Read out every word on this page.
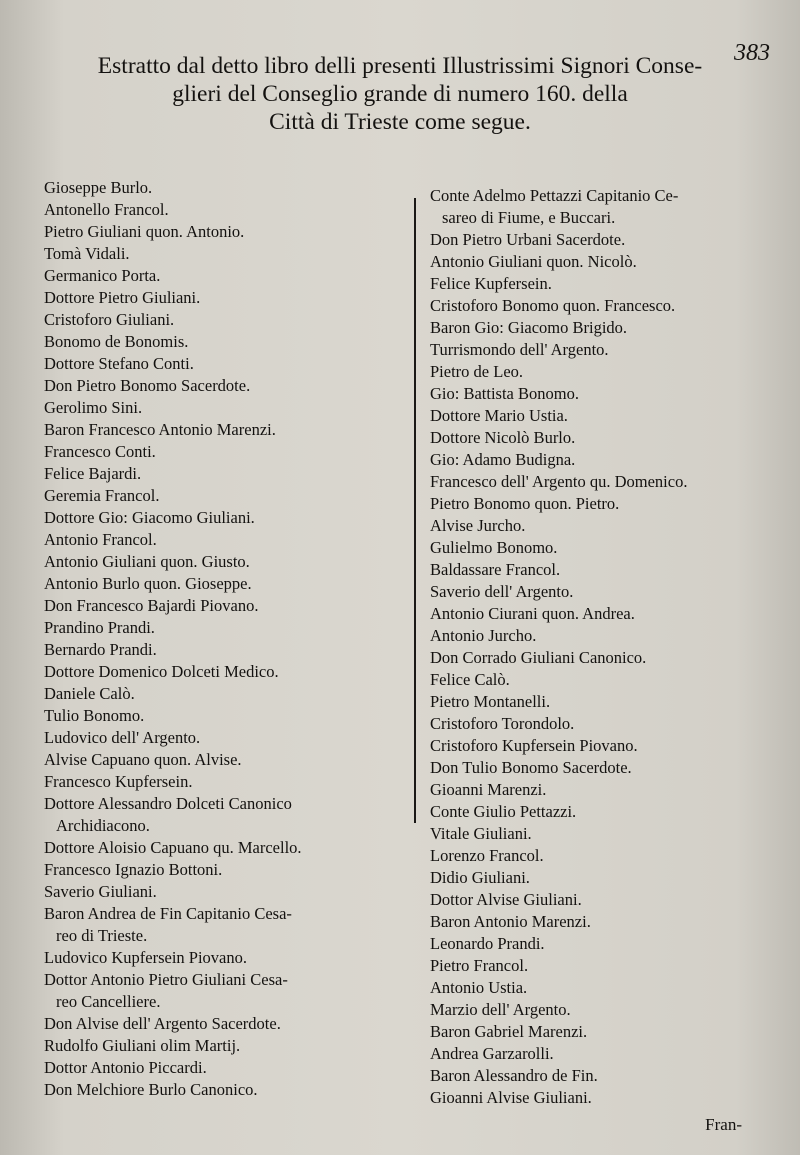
383
Estratto dal detto libro delli presenti Illustrissimi Signori Conse-
glieri del Conseglio grande di numero 160. della
Città di Trieste come segue.
Giosеppe Burlo.
Antonello Francol.
Pietro Giuliani quon. Antonio.
Tomà Vidali.
Germanico Porta.
Dottore Pietro Giuliani.
Cristoforo Giuliani.
Bonomo de Bonomis.
Dottore Stefano Conti.
Don Pietro Bonomo Sacerdote.
Gerolimo Sini.
Baron Francesco Antonio Marenzi.
Francesco Conti.
Felice Bajardi.
Geremia Francol.
Dottore Gio: Giacomo Giuliani.
Antonio Francol.
Antonio Giuliani quon. Giusto.
Antonio Burlo quon. Giosеppe.
Don Francesco Bajardi Piovano.
Prandino Prandi.
Bernardo Prandi.
Dottore Domenico Dolceti Medico.
Daniele Calò.
Tulio Bonomo.
Ludovico dell' Argento.
Alvise Capuano quon. Alvise.
Francesco Kupfersein.
Dottore Alessandro Dolceti Canonico
Archidiacono.
Dottore Aloisio Capuano qu. Marcello.
Francesco Ignazio Bottoni.
Saverio Giuliani.
Baron Andrea de Fin Capitanio Cesa-
reo di Trieste.
Ludovico Kupfersein Piovano.
Dottor Antonio Pietro Giuliani Cesa-
reo Cancelliere.
Don Alvise dell' Argento Sacerdote.
Rudolfo Giuliani olim Martij.
Dottor Antonio Piccardi.
Don Melchiore Burlo Canonico.
Conte Adelmo Pettazzi Capitanio Ce-
sareo di Fiume, e Buccari.
Don Pietro Urbani Sacerdote.
Antonio Giuliani quon. Nicolò.
Felice Kupfersein.
Cristoforo Bonomo quon. Francesco.
Baron Gio: Giacomo Brigido.
Turrismondo dell' Argento.
Pietro de Leo.
Gio: Battista Bonomo.
Dottore Mario Ustia.
Dottore Nicolò Burlo.
Gio: Adamo Budigna.
Francesco dell' Argento qu. Domenico.
Pietro Bonomo quon. Pietro.
Alvise Jurcho.
Gulielmo Bonomo.
Baldassare Francol.
Saverio dell' Argento.
Antonio Ciurani quon. Andrea.
Antonio Jurcho.
Don Corrado Giuliani Canonico.
Felice Calò.
Pietro Montanelli.
Cristoforo Torondolo.
Cristoforo Kupfersein Piovano.
Don Tulio Bonomo Sacerdote.
Gioanni Marenzi.
Conte Giulio Pettazzi.
Vitale Giuliani.
Lorenzo Francol.
Didio Giuliani.
Dottor Alvise Giuliani.
Baron Antonio Marenzi.
Leonardo Prandi.
Pietro Francol.
Antonio Ustia.
Marzio dell' Argento.
Baron Gabriel Marenzi.
Andrea Garzarolli.
Baron Alessandro de Fin.
Gioanni Alvise Giuliani.
Fran-
